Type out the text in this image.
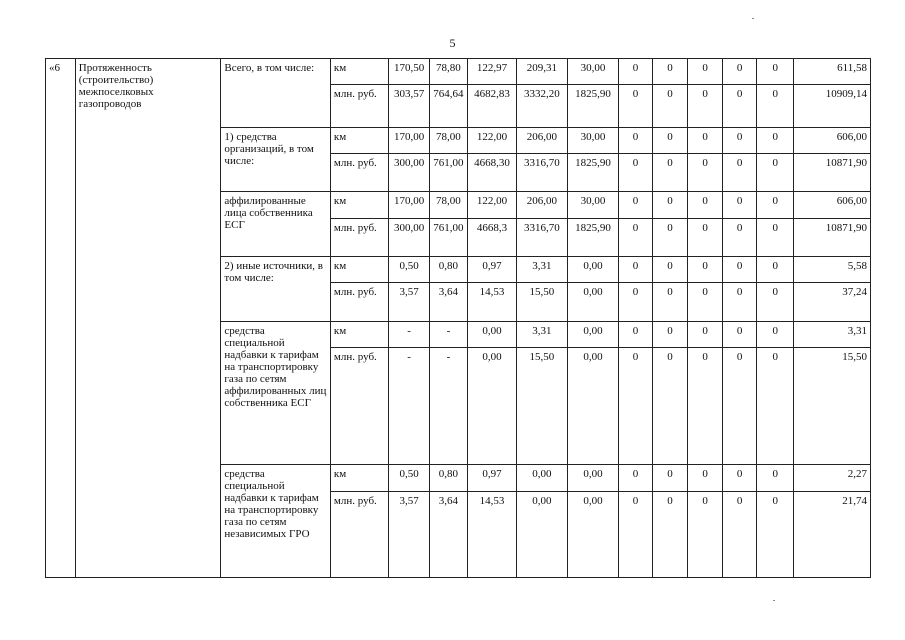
5
«6	Протяженность (строительство) межпоселковых газопроводов	Всего, в том числе:	км	170,50	78,80	122,97	209,31	30,00	0	0	0	0	0	611,58
			млн. руб.	303,57	764,64	4682,83	3332,20	1825,90	0	0	0	0	0	10909,14
		1) средства организаций, в том числе:	км	170,00	78,00	122,00	206,00	30,00	0	0	0	0	0	606,00
			млн. руб.	300,00	761,00	4668,30	3316,70	1825,90	0	0	0	0	0	10871,90
		аффилированные лица собственника ЕСГ	км	170,00	78,00	122,00	206,00	30,00	0	0	0	0	0	606,00
			млн. руб.	300,00	761,00	4668,3	3316,70	1825,90	0	0	0	0	0	10871,90
		2) иные источники, в том числе:	км	0,50	0,80	0,97	3,31	0,00	0	0	0	0	0	5,58
			млн. руб.	3,57	3,64	14,53	15,50	0,00	0	0	0	0	0	37,24
		средства специальной надбавки к тарифам на транспортировку газа по сетям аффилированных лиц собственника ЕСГ	км	-	-	0,00	3,31	0,00	0	0	0	0	0	3,31
			млн. руб.	-	-	0,00	15,50	0,00	0	0	0	0	0	15,50
		средства специальной надбавки к тарифам на транспортировку газа по сетям независимых ГРО	км	0,50	0,80	0,97	0,00	0,00	0	0	0	0	0	2,27
			млн. руб.	3,57	3,64	14,53	0,00	0,00	0	0	0	0	0	21,74
